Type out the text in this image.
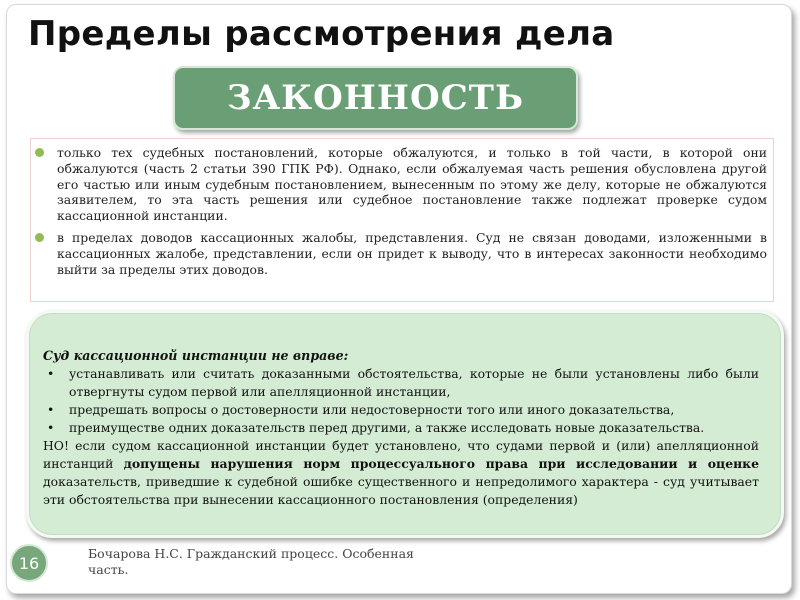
Пределы рассмотрения дела
ЗАКОННОСТЬ
только тех судебных постановлений, которые обжалуются, и только в той части, в которой они обжалуются (часть 2 статьи 390 ГПК РФ). Однако, если обжалуемая часть решения обусловлена другой его частью или иным судебным постановлением, вынесенным по этому же делу, которые не обжалуются заявителем, то эта часть решения или судебное постановление также подлежат проверке судом кассационной инстанции.
в пределах доводов кассационных жалобы, представления. Суд не связан доводами, изложенными в кассационных жалобе, представлении, если он придет к выводу, что в интересах законности необходимо выйти за пределы этих доводов.
Суд кассационной инстанции не вправе:
• устанавливать или считать доказанными обстоятельства, которые не были установлены либо были отвергнуты судом первой или апелляционной инстанции,
• предрешать вопросы о достоверности или недостоверности того или иного доказательства,
• преимуществе одних доказательств перед другими, а также исследовать новые доказательства.
НО! если судом кассационной инстанции будет установлено, что судами первой и (или) апелляционной инстанций допущены нарушения норм процессуального права при исследовании и оценке доказательств, приведшие к судебной ошибке существенного и непредолимого характера - суд учитывает эти обстоятельства при вынесении кассационного постановления (определения)
16	Бочарова Н.С. Гражданский процесс. Особенная часть.
